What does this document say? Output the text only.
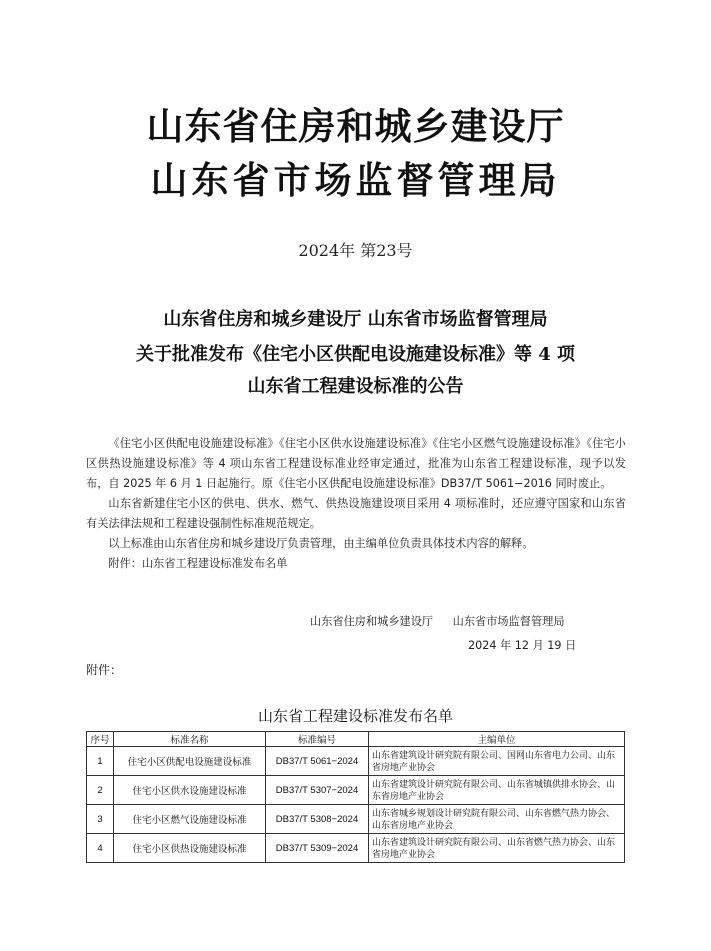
山东省住房和城乡建设厅
山东省市场监督管理局
2024年 第23号
山东省住房和城乡建设厅 山东省市场监督管理局
关于批准发布《住宅小区供配电设施建设标准》等 4 项
山东省工程建设标准的公告

《住宅小区供配电设施建设标准》《住宅小区供水设施建设标准》《住宅小区燃气设施建设标准》《住宅小区供热设施建设标准》等 4 项山东省工程建设标准业经审定通过，批准为山东省工程建设标准，现予以发布，自 2025 年 6 月 1 日起施行。原《住宅小区供配电设施建设标准》DB37/T 5061−2016 同时废止。

山东省新建住宅小区的供电、供水、燃气、供热设施建设项目采用 4 项标准时，还应遵守国家和山东省有关法律法规和工程建设强制性标准规范规定。

以上标准由山东省住房和城乡建设厅负责管理，由主编单位负责具体技术内容的解释。

附件：山东省工程建设标准发布名单

山东省住房和城乡建设厅 山东省市场监督管理局
2024 年 12 月 19 日
附件：
山东省工程建设标准发布名单
序号	标准名称	标准编号	主编单位
1	住宅小区供配电设施建设标准	DB37/T 5061−2024	山东省建筑设计研究院有限公司、国网山东省电力公司、山东省房地产业协会
2	住宅小区供水设施建设标准	DB37/T 5307−2024	山东省建筑设计研究院有限公司、山东省城镇供排水协会、山东省房地产业协会
3	住宅小区燃气设施建设标准	DB37/T 5308−2024	山东省城乡规划设计研究院有限公司、山东省燃气热力协会、山东省房地产业协会
4	住宅小区供热设施建设标准	DB37/T 5309−2024	山东省建筑设计研究院有限公司、山东省燃气热力协会、山东省房地产业协会
